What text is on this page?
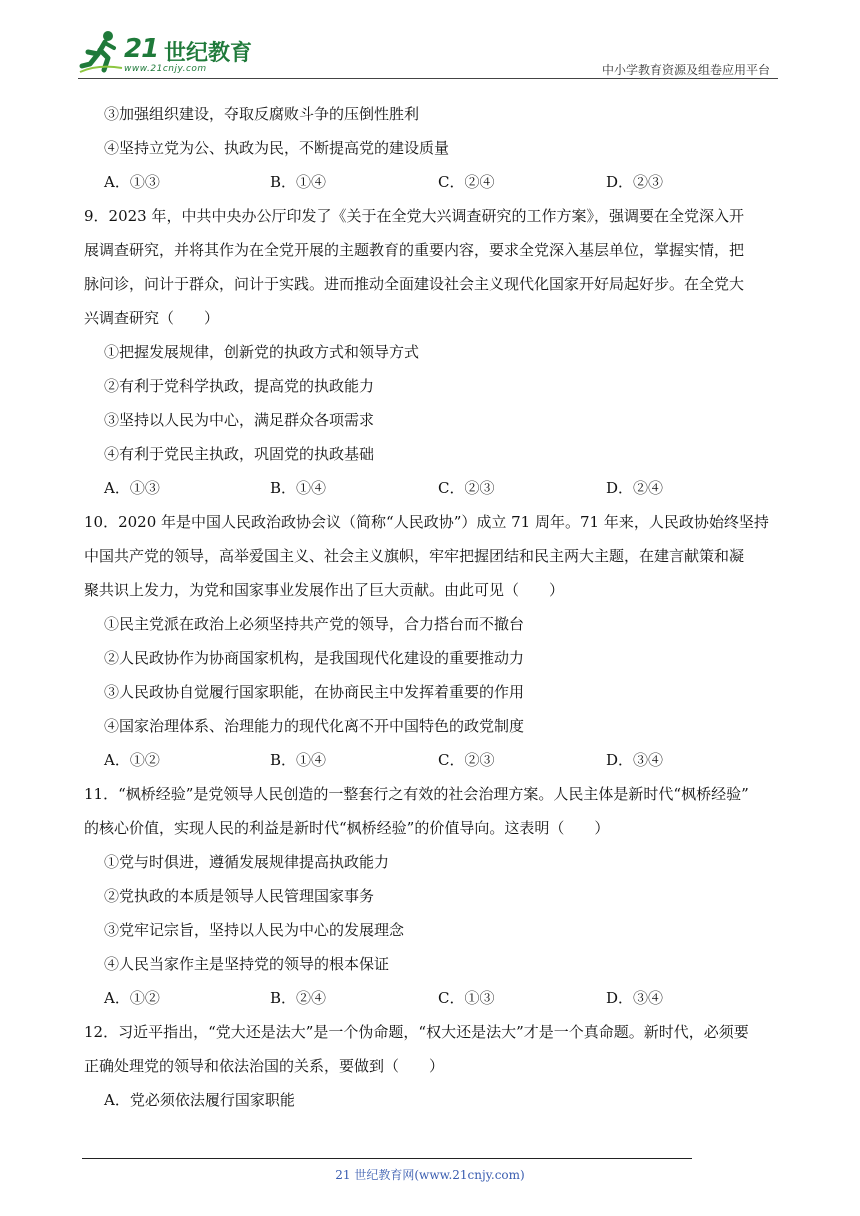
21 世纪教育
www.21cnjy.com	中小学教育资源及组卷应用平台
③加强组织建设，夺取反腐败斗争的压倒性胜利
④坚持立党为公、执政为民，不断提高党的建设质量
A．①③	B．①④	C．②④	D．②③
9．2023 年，中共中央办公厅印发了《关于在全党大兴调查研究的工作方案》，强调要在全党深入开
展调查研究，并将其作为在全党开展的主题教育的重要内容，要求全党深入基层单位，掌握实情，把
脉问诊，问计于群众，问计于实践。进而推动全面建设社会主义现代化国家开好局起好步。在全党大
兴调查研究（　　）
①把握发展规律，创新党的执政方式和领导方式
②有利于党科学执政，提高党的执政能力
③坚持以人民为中心，满足群众各项需求
④有利于党民主执政，巩固党的执政基础
A．①③	B．①④	C．②③	D．②④
10．2020 年是中国人民政治政协会议（简称“人民政协”）成立 71 周年。71 年来，人民政协始终坚持
中国共产党的领导，高举爱国主义、社会主义旗帜，牢牢把握团结和民主两大主题，在建言献策和凝
聚共识上发力，为党和国家事业发展作出了巨大贡献。由此可见（　　）
①民主党派在政治上必须坚持共产党的领导，合力搭台而不撤台
②人民政协作为协商国家机构，是我国现代化建设的重要推动力
③人民政协自觉履行国家职能，在协商民主中发挥着重要的作用
④国家治理体系、治理能力的现代化离不开中国特色的政党制度
A．①②	B．①④	C．②③	D．③④
11．“枫桥经验”是党领导人民创造的一整套行之有效的社会治理方案。人民主体是新时代“枫桥经验”
的核心价值，实现人民的利益是新时代“枫桥经验”的价值导向。这表明（　　）
①党与时俱进，遵循发展规律提高执政能力
②党执政的本质是领导人民管理国家事务
③党牢记宗旨，坚持以人民为中心的发展理念
④人民当家作主是坚持党的领导的根本保证
A．①②	B．②④	C．①③	D．③④
12．习近平指出，“党大还是法大”是一个伪命题，“权大还是法大”才是一个真命题。新时代，必须要
正确处理党的领导和依法治国的关系，要做到（　　）
A．党必须依法履行国家职能
21 世纪教育网(www.21cnjy.com)
